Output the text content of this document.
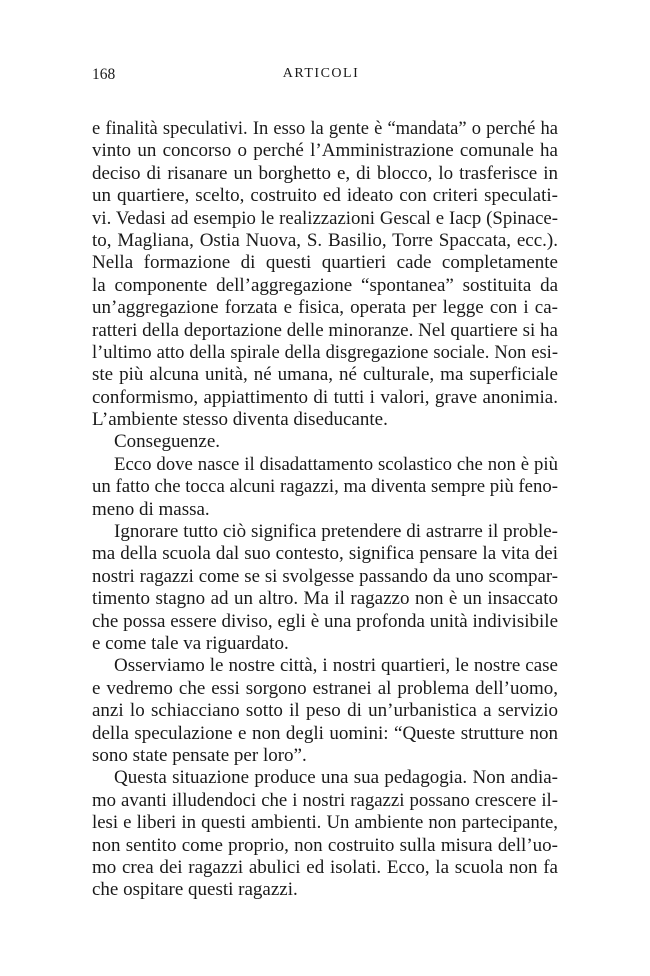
168	ARTICOLI
e finalità speculativi. In esso la gente è “mandata” o perché ha
vinto un concorso o perché l’Amministrazione comunale ha
deciso di risanare un borghetto e, di blocco, lo trasferisce in
un quartiere, scelto, costruito ed ideato con criteri speculati-
vi. Vedasi ad esempio le realizzazioni Gescal e Iacp (Spinace-
to, Magliana, Ostia Nuova, S. Basilio, Torre Spaccata, ecc.).
Nella formazione di questi quartieri cade completamente
la componente dell’aggregazione “spontanea” sostituita da
un’aggregazione forzata e fisica, operata per legge con i ca-
ratteri della deportazione delle minoranze. Nel quartiere si ha
l’ultimo atto della spirale della disgregazione sociale. Non esi-
ste più alcuna unità, né umana, né culturale, ma superficiale
conformismo, appiattimento di tutti i valori, grave anonimia.
L’ambiente stesso diventa diseducante.
Conseguenze.
Ecco dove nasce il disadattamento scolastico che non è più
un fatto che tocca alcuni ragazzi, ma diventa sempre più feno-
meno di massa.
Ignorare tutto ciò significa pretendere di astrarre il proble-
ma della scuola dal suo contesto, significa pensare la vita dei
nostri ragazzi come se si svolgesse passando da uno scompar-
timento stagno ad un altro. Ma il ragazzo non è un insaccato
che possa essere diviso, egli è una profonda unità indivisibile
e come tale va riguardato.
Osserviamo le nostre città, i nostri quartieri, le nostre case
e vedremo che essi sorgono estranei al problema dell’uomo,
anzi lo schiacciano sotto il peso di un’urbanistica a servizio
della speculazione e non degli uomini: “Queste strutture non
sono state pensate per loro”.
Questa situazione produce una sua pedagogia. Non andia-
mo avanti illudendoci che i nostri ragazzi possano crescere il-
lesi e liberi in questi ambienti. Un ambiente non partecipante,
non sentito come proprio, non costruito sulla misura dell’uo-
mo crea dei ragazzi abulici ed isolati. Ecco, la scuola non fa
che ospitare questi ragazzi.
